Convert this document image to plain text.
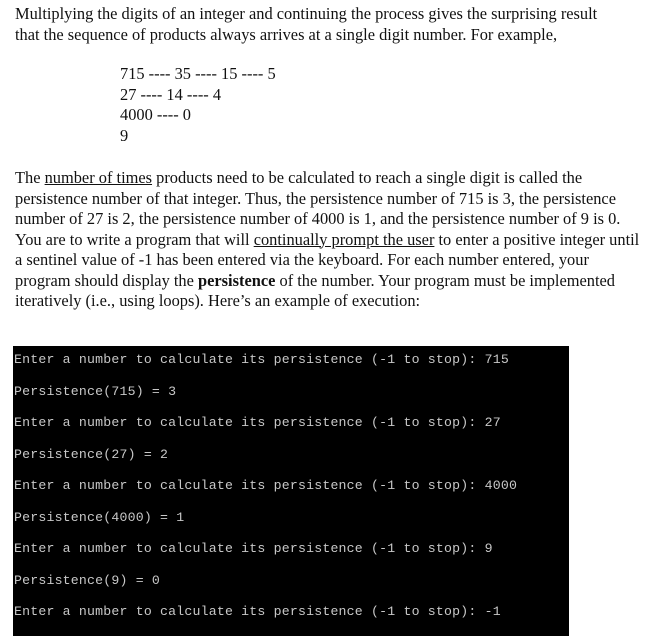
Multiplying the digits of an integer and continuing the process gives the surprising result
that the sequence of products always arrives at a single digit number. For example,

715 ---- 35 ---- 15 ---- 5
27 ---- 14 ---- 4
4000 ---- 0
9

The number of times products need to be calculated to reach a single digit is called the persistence number of that integer. Thus, the persistence number of 715 is 3, the persistence number of 27 is 2, the persistence number of 4000 is 1, and the persistence number of 9 is 0.

You are to write a program that will continually prompt the user to enter a positive integer until a sentinel value of -1 has been entered via the keyboard. For each number entered, your program should display the persistence of the number. Your program must be implemented iteratively (i.e., using loops). Here’s an example of execution:

Enter a number to calculate its persistence (-1 to stop): 715
Persistence(715) = 3
Enter a number to calculate its persistence (-1 to stop): 27
Persistence(27) = 2
Enter a number to calculate its persistence (-1 to stop): 4000
Persistence(4000) = 1
Enter a number to calculate its persistence (-1 to stop): 9
Persistence(9) = 0
Enter a number to calculate its persistence (-1 to stop): -1
